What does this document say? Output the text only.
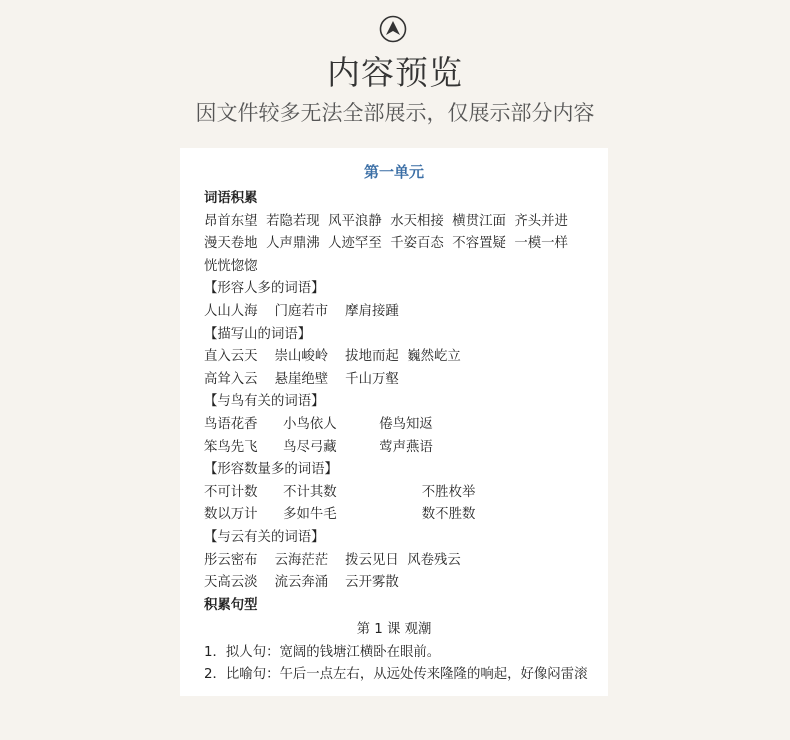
内容预览
因文件较多无法全部展示，仅展示部分内容
第一单元
词语积累
昂首东望  若隐若现  风平浪静  水天相接  横贯江面  齐头并进
漫天卷地  人声鼎沸  人迹罕至  千姿百态  不容置疑  一模一样
恍恍惚惚
【形容人多的词语】
人山人海    门庭若市    摩肩接踵
【描写山的词语】
直入云天    崇山峻岭    拔地而起  巍然屹立
高耸入云    悬崖绝壁    千山万壑
【与鸟有关的词语】
鸟语花香      小鸟依人          倦鸟知返
笨鸟先飞      鸟尽弓藏          莺声燕语
【形容数量多的词语】
不可计数      不计其数                    不胜枚举
数以万计      多如牛毛                    数不胜数
【与云有关的词语】
彤云密布    云海茫茫    拨云见日  风卷残云
天高云淡    流云奔涌    云开雾散
积累句型
第 1 课 观潮
1．拟人句：宽阔的钱塘江横卧在眼前。
2．比喻句：午后一点左右，从远处传来隆隆的响起，好像闷雷滚
